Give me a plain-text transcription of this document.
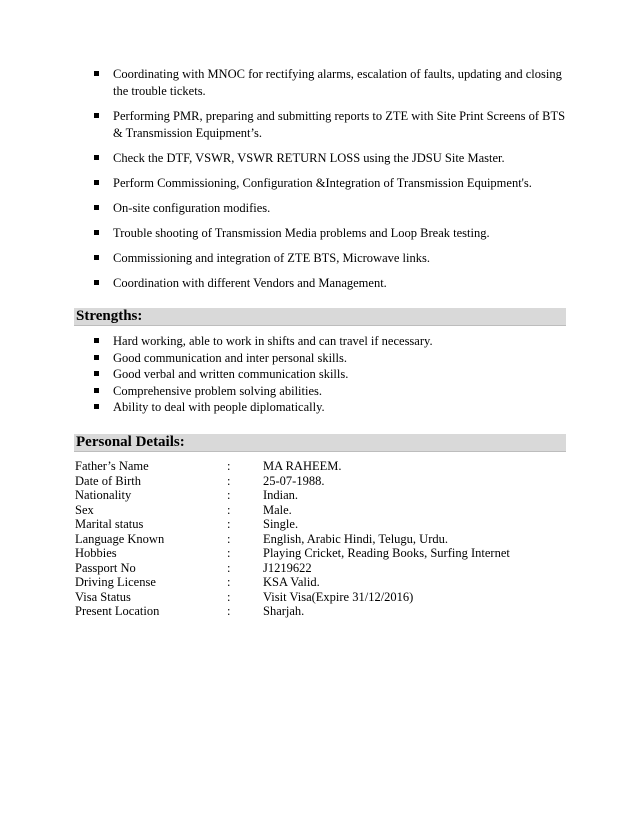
Coordinating with MNOC for rectifying alarms, escalation of faults, updating and closing the trouble tickets.
Performing PMR, preparing and submitting reports to ZTE with Site Print Screens of BTS & Transmission Equipment’s.
Check the DTF, VSWR, VSWR RETURN LOSS using the JDSU Site Master.
Perform Commissioning, Configuration &Integration of Transmission Equipment's.
On-site configuration modifies.
Trouble shooting of Transmission Media problems and Loop Break testing.
Commissioning and integration of ZTE BTS, Microwave links.
Coordination with different Vendors and Management.
Strengths:
Hard working, able to work in shifts and can travel if necessary.
Good communication and inter personal skills.
Good verbal and written communication skills.
Comprehensive problem solving abilities.
Ability to deal with people diplomatically.
Personal Details:
Father’s Name	:	MA RAHEEM.
Date of Birth	:	25-07-1988.
Nationality	:	Indian.
Sex	:	Male.
Marital status	:	Single.
Language Known	:	English, Arabic Hindi, Telugu, Urdu.
Hobbies	:	Playing Cricket, Reading Books, Surfing Internet
Passport No	:	J1219622
Driving License	:	KSA Valid.
Visa Status	:	Visit Visa(Expire 31/12/2016)
Present Location	:	Sharjah.
